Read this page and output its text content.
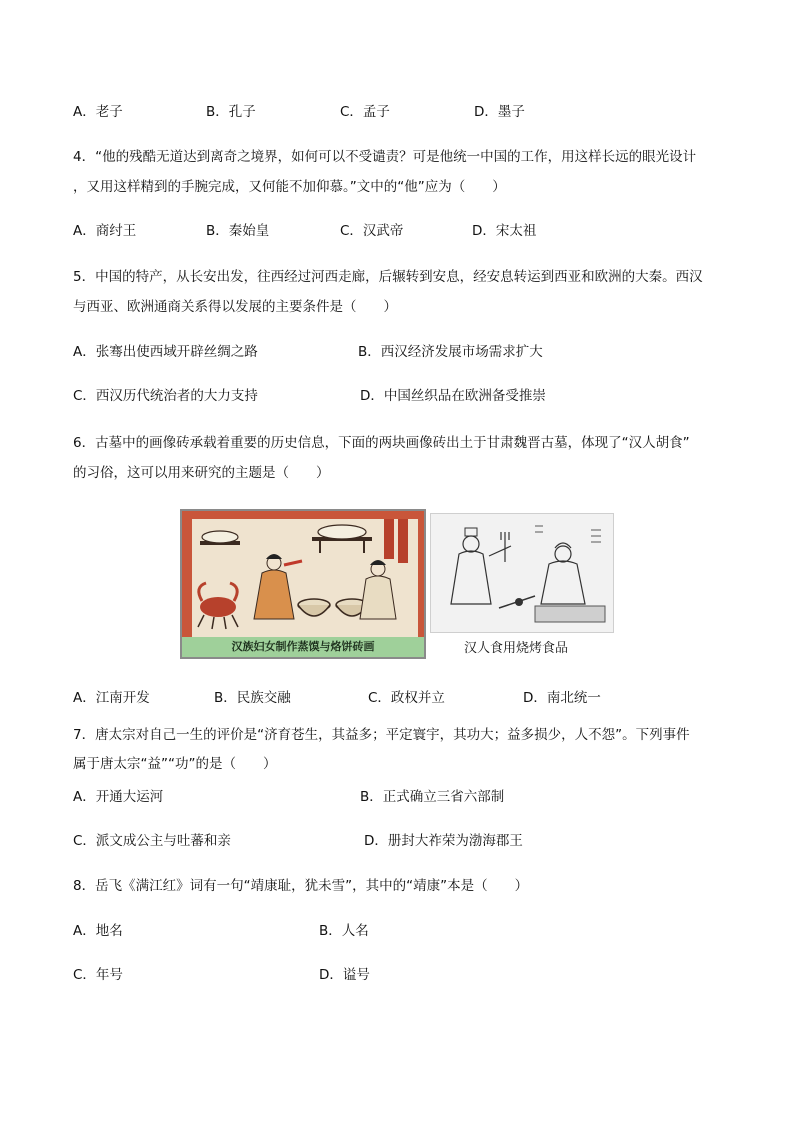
A．老子	B．孔子	C．孟子	D．墨子
4．“他的残酷无道达到离奇之境界，如何可以不受谴责？可是他统一中国的工作，用这样长远的眼光设计
，又用这样精到的手腕完成，又何能不加仰慕。”文中的“他”应为（　　）
A．商纣王	B．秦始皇	C．汉武帝	D．宋太祖
5．中国的特产，从长安出发，往西经过河西走廊，后辗转到安息，经安息转运到西亚和欧洲的大秦。西汉
与西亚、欧洲通商关系得以发展的主要条件是（　　）
A．张骞出使西域开辟丝绸之路	B．西汉经济发展市场需求扩大
C．西汉历代统治者的大力支持	D．中国丝织品在欧洲备受推崇
6．古墓中的画像砖承载着重要的历史信息，下面的两块画像砖出土于甘肃魏晋古墓，体现了“汉人胡食”
的习俗，这可以用来研究的主题是（　　）
汉族妇女制作蒸馍与烙饼砖画	汉人食用烧烤食品
A．江南开发	B．民族交融	C．政权并立	D．南北统一
7．唐太宗对自己一生的评价是“济育苍生，其益多；平定寰宇，其功大；益多损少，人不怨”。下列事件
属于唐太宗“益”“功”的是（　　）
A．开通大运河	B．正式确立三省六部制
C．派文成公主与吐蕃和亲	D．册封大祚荣为渤海郡王
8．岳飞《满江红》词有一句“靖康耻，犹未雪”，其中的“靖康”本是（　　）
A．地名	B．人名
C．年号	D．谥号
